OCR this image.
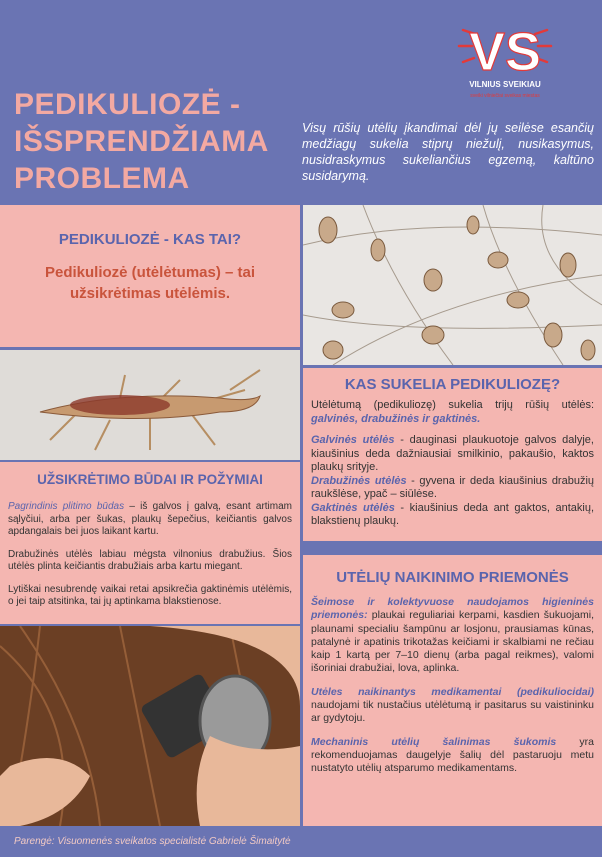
VS
VILNIUS SVEIKIAU
sveiki vilniečiai sveikas miestas
PEDIKULIOZĖ -
IŠSPRENDŽIAMA
PROBLEMA
Visų rūšių utėlių įkandimai dėl jų seilėse esančių medžiagų sukelia stiprų niežulį, nusikasymus, nusidraskymus sukeliančius egzemą, kaltūno susidarymą.
PEDIKULIOZĖ - KAS TAI?
Pedikuliozė (utėlėtumas) – tai užsikrėtimas utėlėmis.
UŽSIKRĖTIMO BŪDAI IR POŽYMIAI
Pagrindinis plitimo būdas – iš galvos į galvą, esant artimam sąlyčiui, arba per šukas, plaukų šepečius, keičiantis galvos apdangalais bei juos laikant kartu.
Drabužinės utėlės labiau mėgsta vilnonius drabužius. Šios utėlės plinta keičiantis drabužiais arba kartu miegant.
Lytiškai nesubrendę vaikai retai apsikrečia gaktinėmis utėlėmis, o jei taip atsitinka, tai jų aptinkama blakstienose.
KAS SUKELIA PEDIKULIOZĘ?
Utėlėtumą (pedikuliozę) sukelia trijų rūšių utėlės: galvinės, drabužinės ir gaktinės.
Galvinės utėlės - dauginasi plaukuotoje galvos dalyje, kiaušinius deda dažniausiai smilkinio, pakaušio, kaktos plaukų srityje.
Drabužinės utėlės - gyvena ir deda kiaušinius drabužių raukšlėse, ypač – siūlėse.
Gaktinės utėlės - kiaušinius deda ant gaktos, antakių, blakstienų plaukų.
UTĖLIŲ NAIKINIMO PRIEMONĖS
Šeimose ir kolektyvuose naudojamos higieninės priemonės: plaukai reguliariai kerpami, kasdien šukuojami, plaunami specialiu šampūnu ar losjonu, prausiamas kūnas, patalynė ir apatinis trikotažas keičiami ir skalbiami ne rečiau kaip 1 kartą per 7–10 dienų (arba pagal reikmes), valomi išoriniai drabužiai, lova, aplinka.
Utėles naikinantys medikamentai (pedikuliocidai) naudojami tik nustačius utėlėtumą ir pasitarus su vaistininku ar gydytoju.
Mechaninis utėlių šalinimas šukomis yra rekomenduojamas daugelyje šalių dėl pastaruoju metu nustatyto utėlių atsparumo medikamentams.
Parengė: Visuomenės sveikatos specialistė Gabrielė Šimaitytė
